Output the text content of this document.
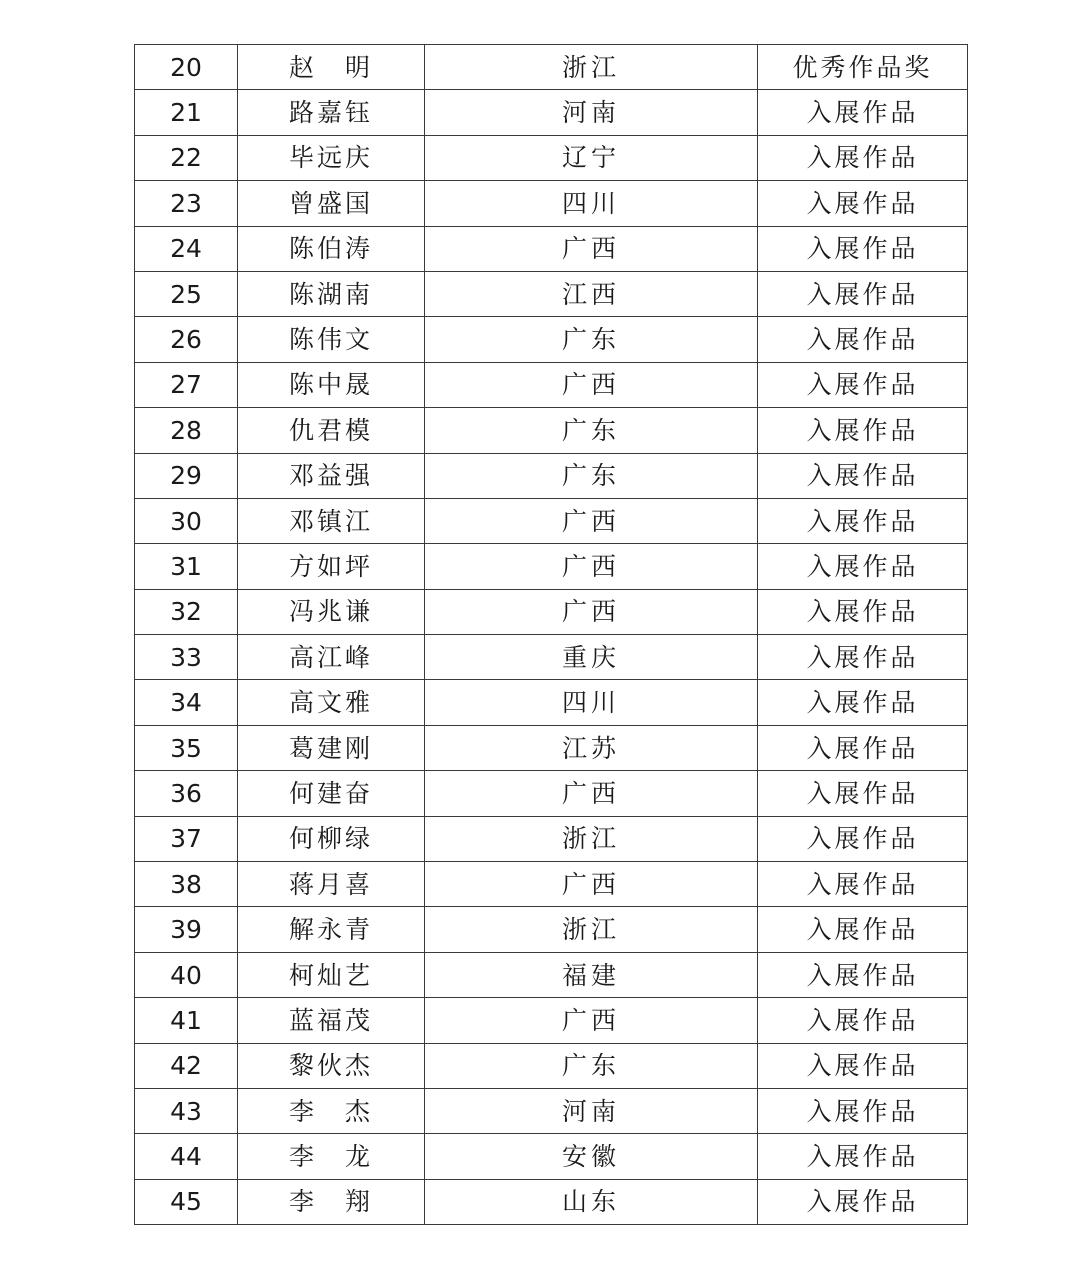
20	赵　明	浙江	优秀作品奖
21	路嘉钰	河南	入展作品
22	毕远庆	辽宁	入展作品
23	曾盛国	四川	入展作品
24	陈伯涛	广西	入展作品
25	陈湖南	江西	入展作品
26	陈伟文	广东	入展作品
27	陈中晟	广西	入展作品
28	仇君模	广东	入展作品
29	邓益强	广东	入展作品
30	邓镇江	广西	入展作品
31	方如坪	广西	入展作品
32	冯兆谦	广西	入展作品
33	高江峰	重庆	入展作品
34	高文雅	四川	入展作品
35	葛建刚	江苏	入展作品
36	何建奋	广西	入展作品
37	何柳绿	浙江	入展作品
38	蒋月喜	广西	入展作品
39	解永青	浙江	入展作品
40	柯灿艺	福建	入展作品
41	蓝福茂	广西	入展作品
42	黎伙杰	广东	入展作品
43	李　杰	河南	入展作品
44	李　龙	安徽	入展作品
45	李　翔	山东	入展作品
